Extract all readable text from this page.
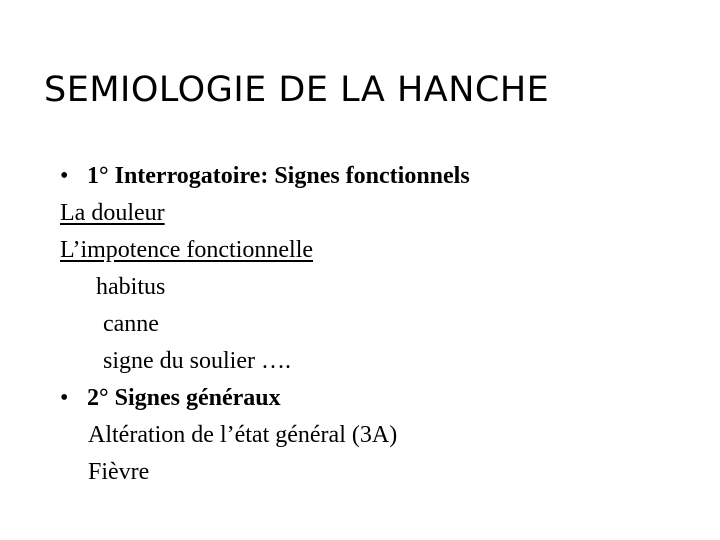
SEMIOLOGIE DE LA HANCHE
• 1° Interrogatoire: Signes fonctionnels
La douleur
L’impotence fonctionnelle
habitus
canne
signe du soulier ….
• 2° Signes généraux
Altération de l’état général (3A)
Fièvre
